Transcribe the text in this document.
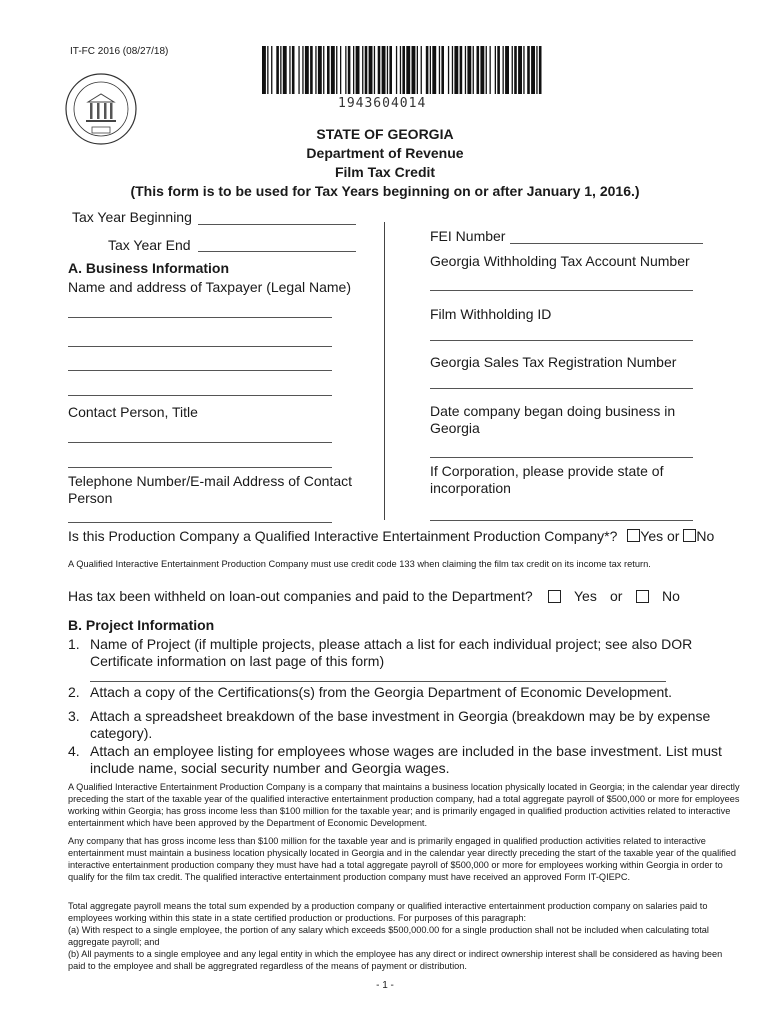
IT-FC 2016 (08/27/18)
1943604014
STATE OF GEORGIA
Department of Revenue
Film Tax Credit
(This form is to be used for Tax Years beginning on or after January 1, 2016.)
Tax Year Beginning
Tax Year End
A. Business Information
Name and address of Taxpayer (Legal Name)
Contact Person, Title
Telephone Number/E-mail Address of Contact
Person
FEI Number
Georgia Withholding Tax Account Number
Film Withholding ID
Georgia Sales Tax Registration Number
Date company began doing business in
Georgia
If Corporation, please provide state of
incorporation
Is this Production Company a Qualified Interactive Entertainment Production Company*? Yes or No
A Qualified Interactive Entertainment Production Company must use credit code 133 when claiming the film tax credit on its income tax return.
Has tax been withheld on loan-out companies and paid to the Department?	Yes or	No
B. Project Information
1. Name of Project (if multiple projects, please attach a list for each individual project; see also DOR Certificate information on last page of this form)
2. Attach a copy of the Certifications(s) from the Georgia Department of Economic Development.
3. Attach a spreadsheet breakdown of the base investment in Georgia (breakdown may be by expense category).
4. Attach an employee listing for employees whose wages are included in the base investment. List must include name, social security number and Georgia wages.
A Qualified Interactive Entertainment Production Company is a company that maintains a business location physically located in Georgia; in the calendar year directly preceding the start of the taxable year of the qualified interactive entertainment production company, had a total aggregate payroll of $500,000 or more for employees working within Georgia; has gross income less than $100 million for the taxable year; and is primarily engaged in qualified production activities related to interactive entertainment which have been approved by the Department of Economic Development.
Any company that has gross income less than $100 million for the taxable year and is primarily engaged in qualified production activities related to interactive entertainment must maintain a business location physically located in Georgia and in the calendar year directly preceding the start of the taxable year of the qualified interactive entertainment production company they must have had a total aggregate payroll of $500,000 or more for employees working within Georgia in order to qualify for the film tax credit. The qualified interactive entertainment production company must have received an approved Form IT-QIEPC.
Total aggregate payroll means the total sum expended by a production company or qualified interactive entertainment production company on salaries paid to employees working within this state in a state certified production or productions. For purposes of this paragraph:
(a) With respect to a single employee, the portion of any salary which exceeds $500,000.00 for a single production shall not be included when calculating total aggregate payroll; and
(b) All payments to a single employee and any legal entity in which the employee has any direct or indirect ownership interest shall be considered as having been paid to the employee and shall be aggregrated regardless of the means of payment or distribution.
- 1 -
